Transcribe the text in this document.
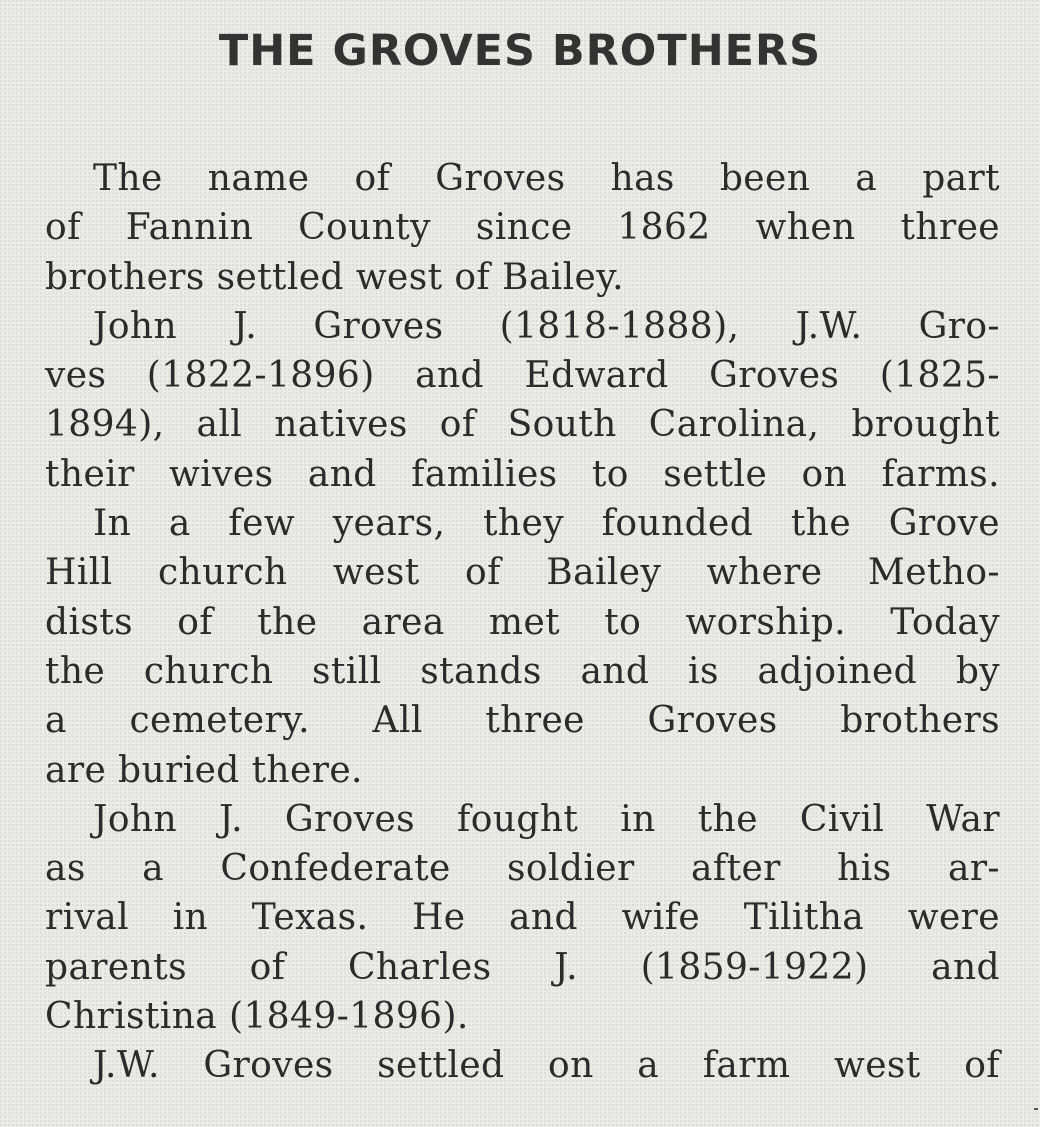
THE GROVES BROTHERS

The name of Groves has been a part
of Fannin County since 1862 when three
brothers settled west of Bailey.

John J. Groves (1818-1888), J.W. Gro-
ves (1822-1896) and Edward Groves (1825-
1894), all natives of South Carolina, brought
their wives and families to settle on farms.

In a few years, they founded the Grove
Hill church west of Bailey where Metho-
dists of the area met to worship. Today
the church still stands and is adjoined by
a cemetery. All three Groves brothers
are buried there.

John J. Groves fought in the Civil War
as a Confederate soldier after his ar-
rival in Texas. He and wife Tilitha were
parents of Charles J. (1859-1922) and
Christina (1849-1896).

J.W. Groves settled on a farm west of
